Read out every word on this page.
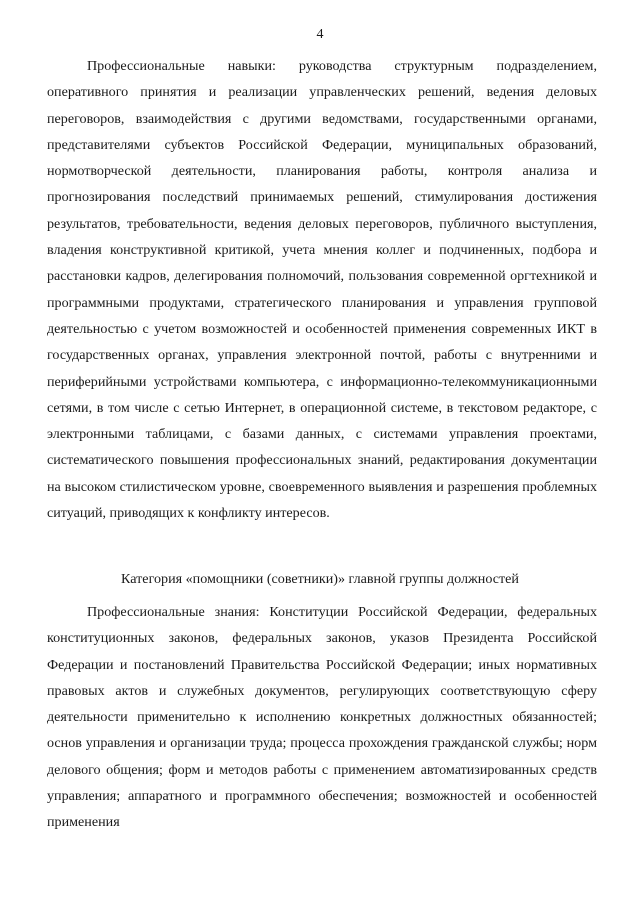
4

Профессиональные навыки: руководства структурным подразделением, оперативного принятия и реализации управленческих решений, ведения деловых переговоров, взаимодействия с другими ведомствами, государственными органами, представителями субъектов Российской Федерации, муниципальных образований, нормотворческой деятельности, планирования работы, контроля анализа и прогнозирования последствий принимаемых решений, стимулирования достижения результатов, требовательности, ведения деловых переговоров, публичного выступления, владения конструктивной критикой, учета мнения коллег и подчиненных, подбора и расстановки кадров, делегирования полномочий, пользования современной оргтехникой и программными продуктами, стратегического планирования и управления групповой деятельностью с учетом возможностей и особенностей применения современных ИКТ в государственных органах, управления электронной почтой, работы с внутренними и периферийными устройствами компьютера, с информационно-телекоммуникационными сетями, в том числе с сетью Интернет, в операционной системе, в текстовом редакторе, с электронными таблицами, с базами данных, с системами управления проектами, систематического повышения профессиональных знаний, редактирования документации на высоком стилистическом уровне, своевременного выявления и разрешения проблемных ситуаций, приводящих к конфликту интересов.

Категория «помощники (советники)» главной группы должностей

Профессиональные знания: Конституции Российской Федерации, федеральных конституционных законов, федеральных законов, указов Президента Российской Федерации и постановлений Правительства Российской Федерации; иных нормативных правовых актов и служебных документов, регулирующих соответствующую сферу деятельности применительно к исполнению конкретных должностных обязанностей; основ управления и организации труда; процесса прохождения гражданской службы; норм делового общения; форм и методов работы с применением автоматизированных средств управления; аппаратного и программного обеспечения; возможностей и особенностей применения
